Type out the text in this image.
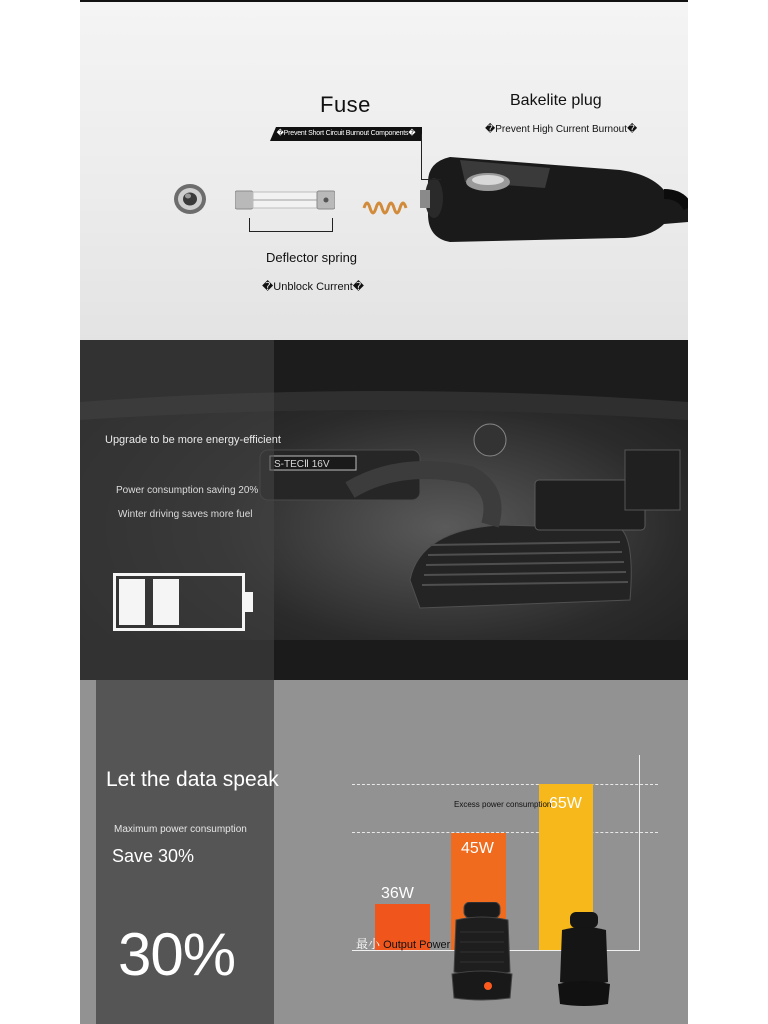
Fuse
�Prevent Short Circuit Burnout Components�
Bakelite plug
�Prevent High Current Burnout�
Deflector spring
�Unblock Current�
S-TECⅡ 16V
Upgrade to be more energy-efficient
Power consumption saving 20%
Winter driving saves more fuel
Let the data speak
Maximum power consumption
Save 30%
30%
36W
45W
65W
Excess power consumption
最小 Output Power
